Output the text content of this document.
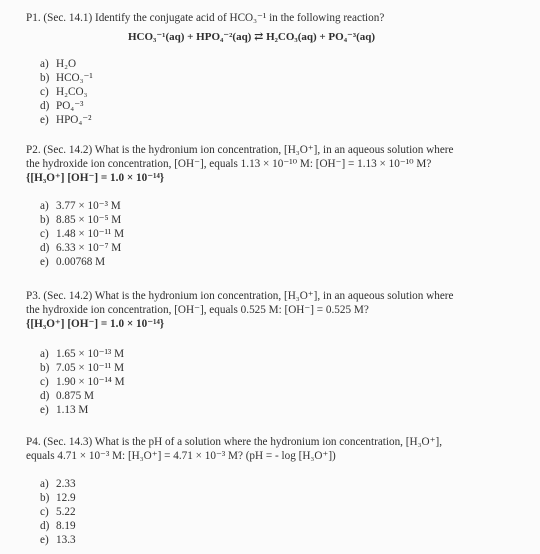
P1. (Sec. 14.1) Identify the conjugate acid of HCO₃⁻¹ in the following reaction?
HCO₃⁻¹(aq) + HPO₄⁻²(aq) ⇄ H₂CO₃(aq) + PO₄⁻³(aq)
a) H₂O
b) HCO₃⁻¹
c) H₂CO₃
d) PO₄⁻³
e) HPO₄⁻²
P2. (Sec. 14.2) What is the hydronium ion concentration, [H₃O⁺], in an aqueous solution where
the hydroxide ion concentration, [OH⁻], equals 1.13 × 10⁻¹⁰ M: [OH⁻] = 1.13 × 10⁻¹⁰ M?
{[H₃O⁺] [OH⁻] = 1.0 × 10⁻¹⁴}
a) 3.77 × 10⁻³ M
b) 8.85 × 10⁻⁵ M
c) 1.48 × 10⁻¹¹ M
d) 6.33 × 10⁻⁷ M
e) 0.00768 M
P3. (Sec. 14.2) What is the hydronium ion concentration, [H₃O⁺], in an aqueous solution where
the hydroxide ion concentration, [OH⁻], equals 0.525 M: [OH⁻] = 0.525 M?
{[H₃O⁺] [OH⁻] = 1.0 × 10⁻¹⁴}
a) 1.65 × 10⁻¹³ M
b) 7.05 × 10⁻¹¹ M
c) 1.90 × 10⁻¹⁴ M
d) 0.875 M
e) 1.13 M
P4. (Sec. 14.3) What is the pH of a solution where the hydronium ion concentration, [H₃O⁺],
equals 4.71 × 10⁻³ M: [H₃O⁺] = 4.71 × 10⁻³ M? (pH = - log [H₃O⁺])
a) 2.33
b) 12.9
c) 5.22
d) 8.19
e) 13.3
